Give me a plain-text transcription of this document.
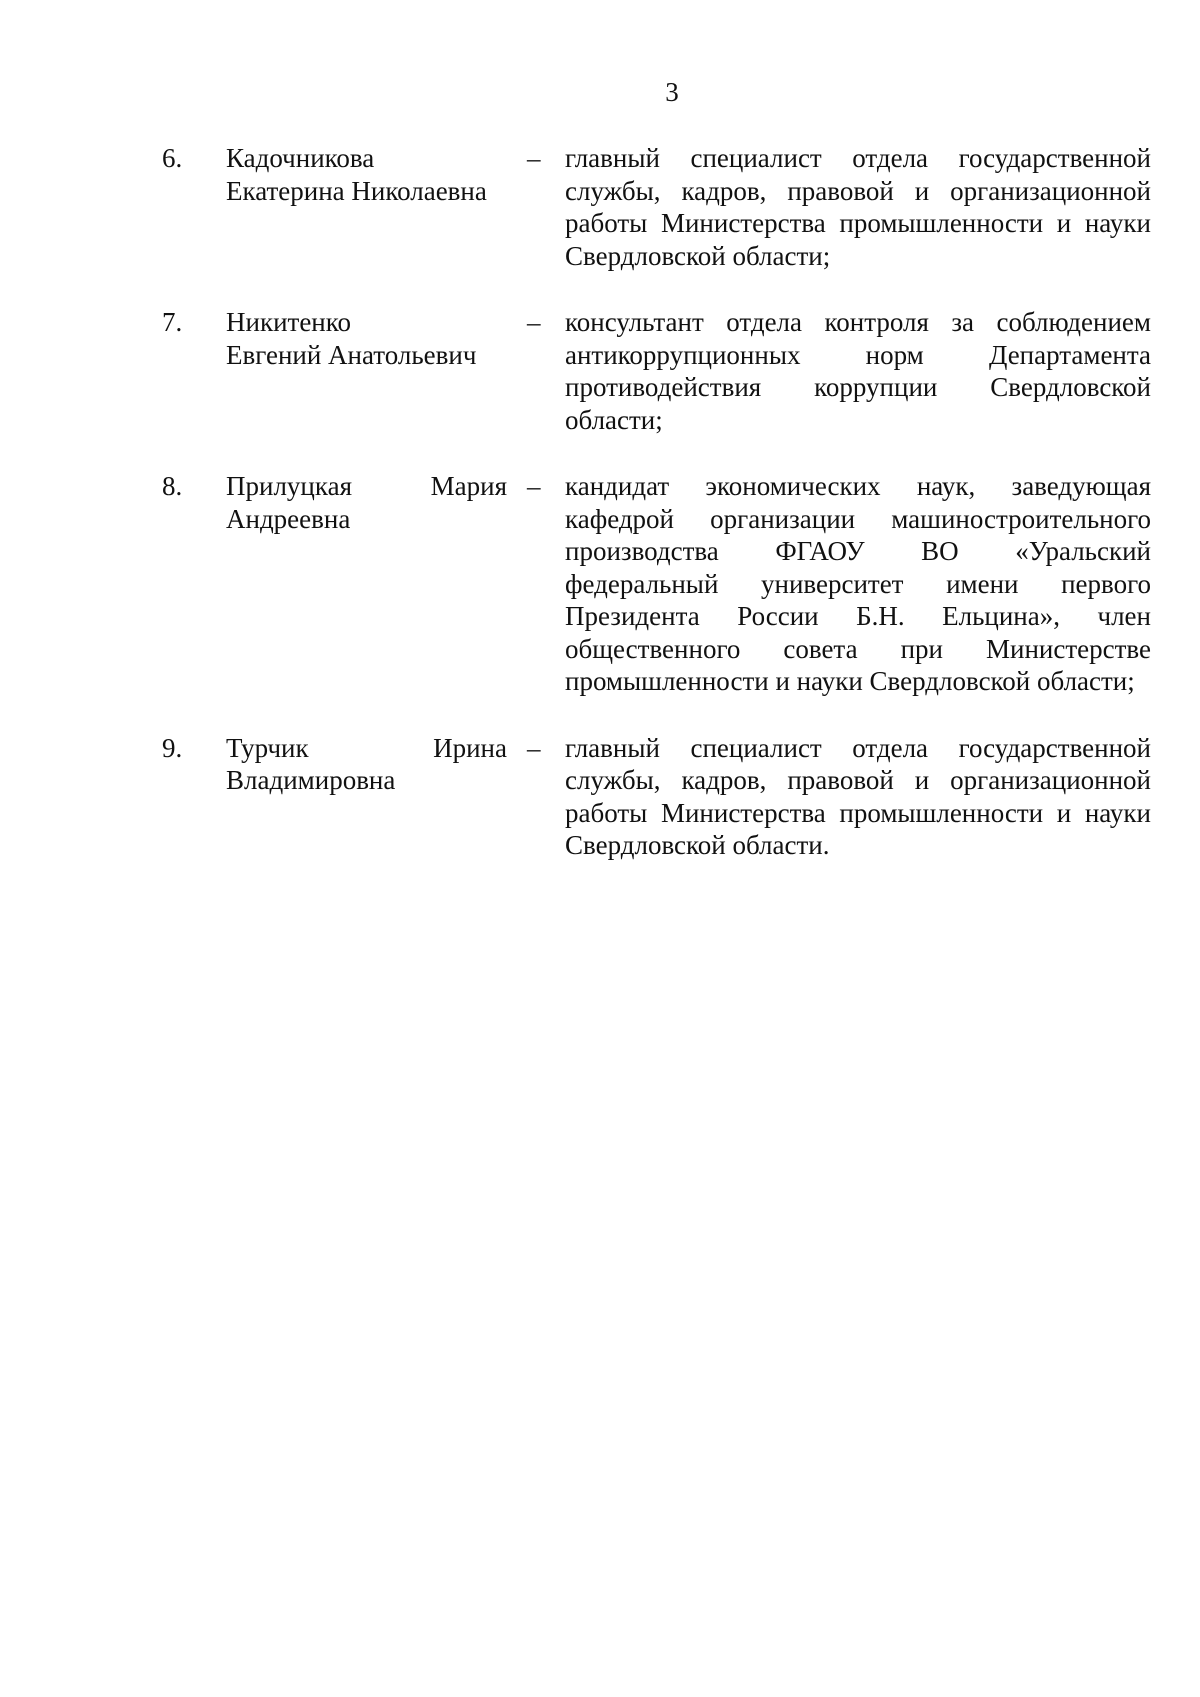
3
6. Кадочникова
Екатерина Николаевна
– главный специалист отдела государственной службы, кадров, правовой и организационной работы Министерства промышленности и науки Свердловской области;
7. Никитенко
Евгений Анатольевич
– консультант отдела контроля за соблюдением антикоррупционных норм Департамента противодействия коррупции Свердловской области;
8. Прилуцкая Мария
Андреевна
– кандидат экономических наук, заведующая кафедрой организации машиностроительного производства ФГАОУ ВО «Уральский федеральный университет имени первого Президента России Б.Н. Ельцина», член общественного совета при Министерстве промышленности и науки Свердловской области;
9. Турчик Ирина
Владимировна
– главный специалист отдела государственной службы, кадров, правовой и организационной работы Министерства промышленности и науки Свердловской области.
